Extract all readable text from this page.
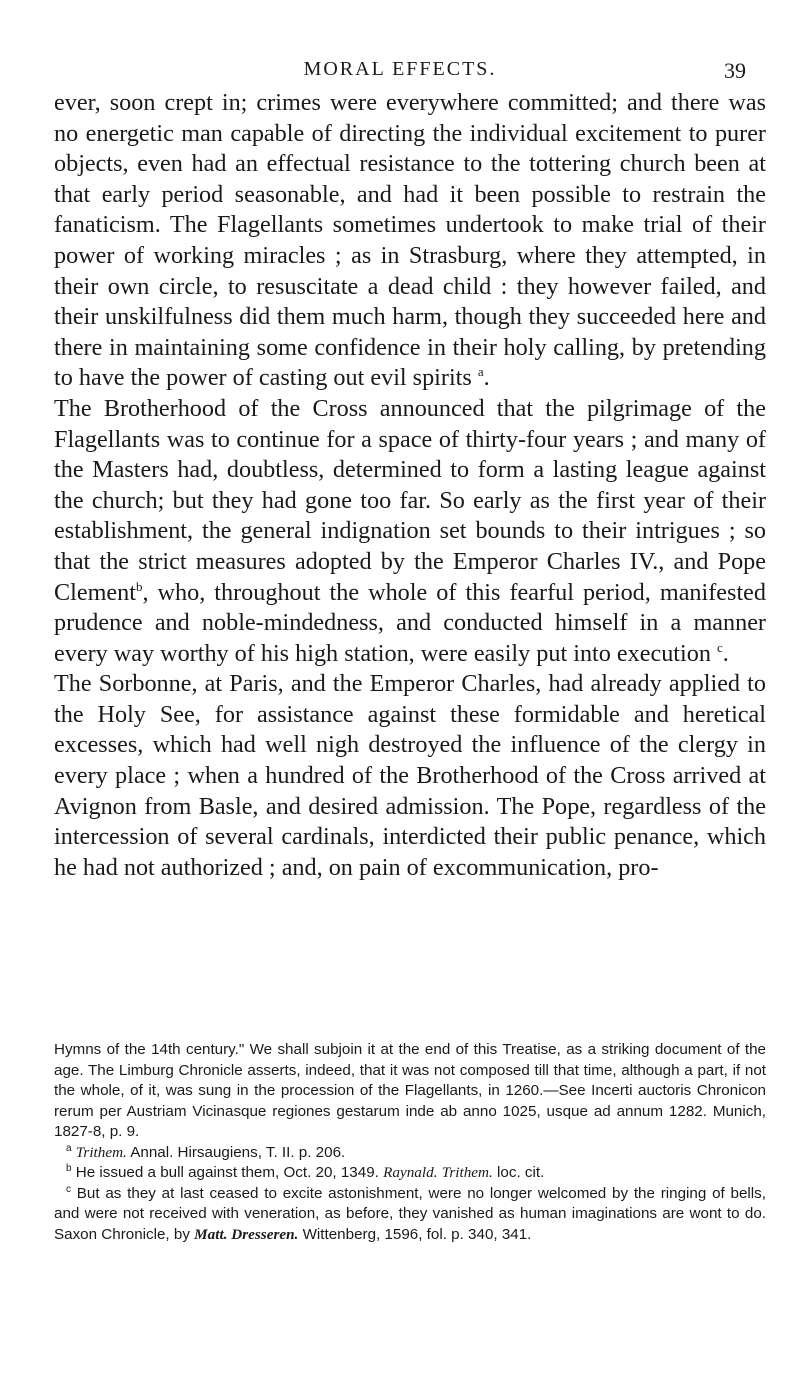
MORAL EFFECTS.	39

ever, soon crept in; crimes were everywhere committed; and there was no energetic man capable of directing the individual excitement to purer objects, even had an effectual resistance to the tottering church been at that early period seasonable, and had it been possible to restrain the fanaticism. The Flagellants sometimes undertook to make trial of their power of working miracles ; as in Strasburg, where they attempted, in their own circle, to resuscitate a dead child : they however failed, and their unskilfulness did them much harm, though they succeeded here and there in maintaining some confidence in their holy calling, by pretending to have the power of casting out evil spirits $^a$.

The Brotherhood of the Cross announced that the pilgrimage of the Flagellants was to continue for a space of thirty-four years ; and many of the Masters had, doubtless, determined to form a lasting league against the church; but they had gone too far. So early as the first year of their establishment, the general indignation set bounds to their intrigues ; so that the strict measures adopted by the Emperor Charles IV., and Pope Clement$^b$, who, throughout the whole of this fearful period, manifested prudence and noble-mindedness, and conducted himself in a manner every way worthy of his high station, were easily put into execution $^c$.

The Sorbonne, at Paris, and the Emperor Charles, had already applied to the Holy See, for assistance against these formidable and heretical excesses, which had well nigh destroyed the influence of the clergy in every place ; when a hundred of the Brotherhood of the Cross arrived at Avignon from Basle, and desired admission. The Pope, regardless of the intercession of several cardinals, interdicted their public penance, which he had not authorized ; and, on pain of excommunication, pro-

Hymns of the 14th century." We shall subjoin it at the end of this Treatise, as a striking document of the age. The Limburg Chronicle asserts, indeed, that it was not composed till that time, although a part, if not the whole, of it, was sung in the procession of the Flagellants, in 1260.—See Incerti auctoris Chronicon rerum per Austriam Vicinasque regiones gestarum inde ab anno 1025, usque ad annum 1282. Munich, 1827-8, p. 9.

$^a$ Trithem. Annal. Hirsaugiens, T. II. p. 206.

$^b$ He issued a bull against them, Oct. 20, 1349. Raynald. Trithem. loc. cit.

$^c$ But as they at last ceased to excite astonishment, were no longer welcomed by the ringing of bells, and were not received with veneration, as before, they vanished as human imaginations are wont to do. Saxon Chronicle, by Matt. Dresseren. Wittenberg, 1596, fol. p. 340, 341.
